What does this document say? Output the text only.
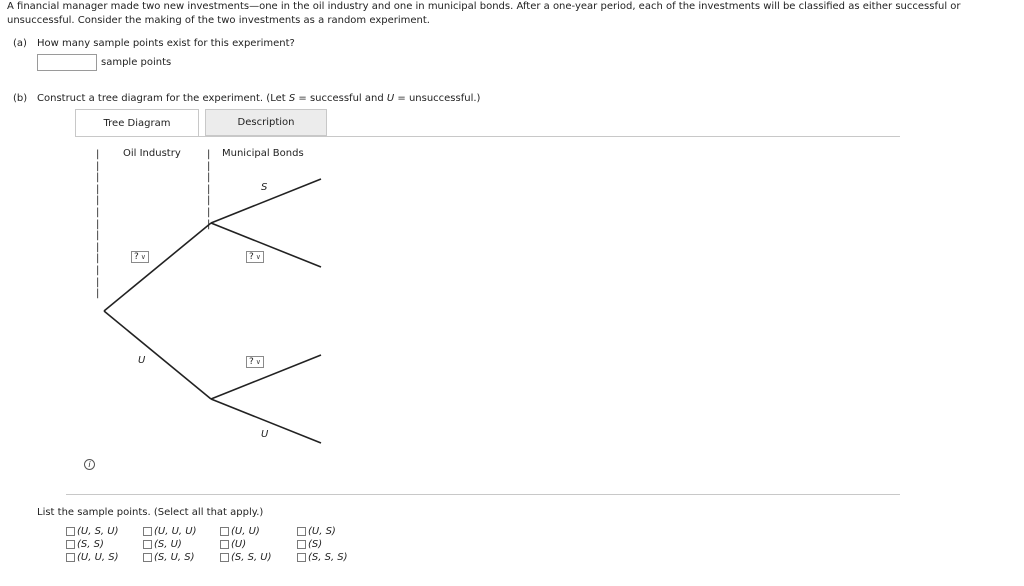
A financial manager made two new investments—one in the oil industry and one in municipal bonds. After a one-year period, each of the investments will be classified as either successful or unsuccessful. Consider the making of the two investments as a random experiment.
(a) How many sample points exist for this experiment?
sample points
(b) Construct a tree diagram for the experiment. (Let S = successful and U = unsuccessful.)
Tree Diagram	Description
|
|
|
|
|
|
|
|
|
|
|
|
|
|
|
|
|
|
|
|
Oil Industry	Municipal Bonds
? ∨
U
S
? ∨
? ∨
U
i
List the sample points. (Select all that apply.)
(U, S, U)
(S, S)
(U, U, S)
(U, U, U)
(S, U)
(S, U, S)
(U, U)
(U)
(S, S, U)
(U, S)
(S)
(S, S, S)
